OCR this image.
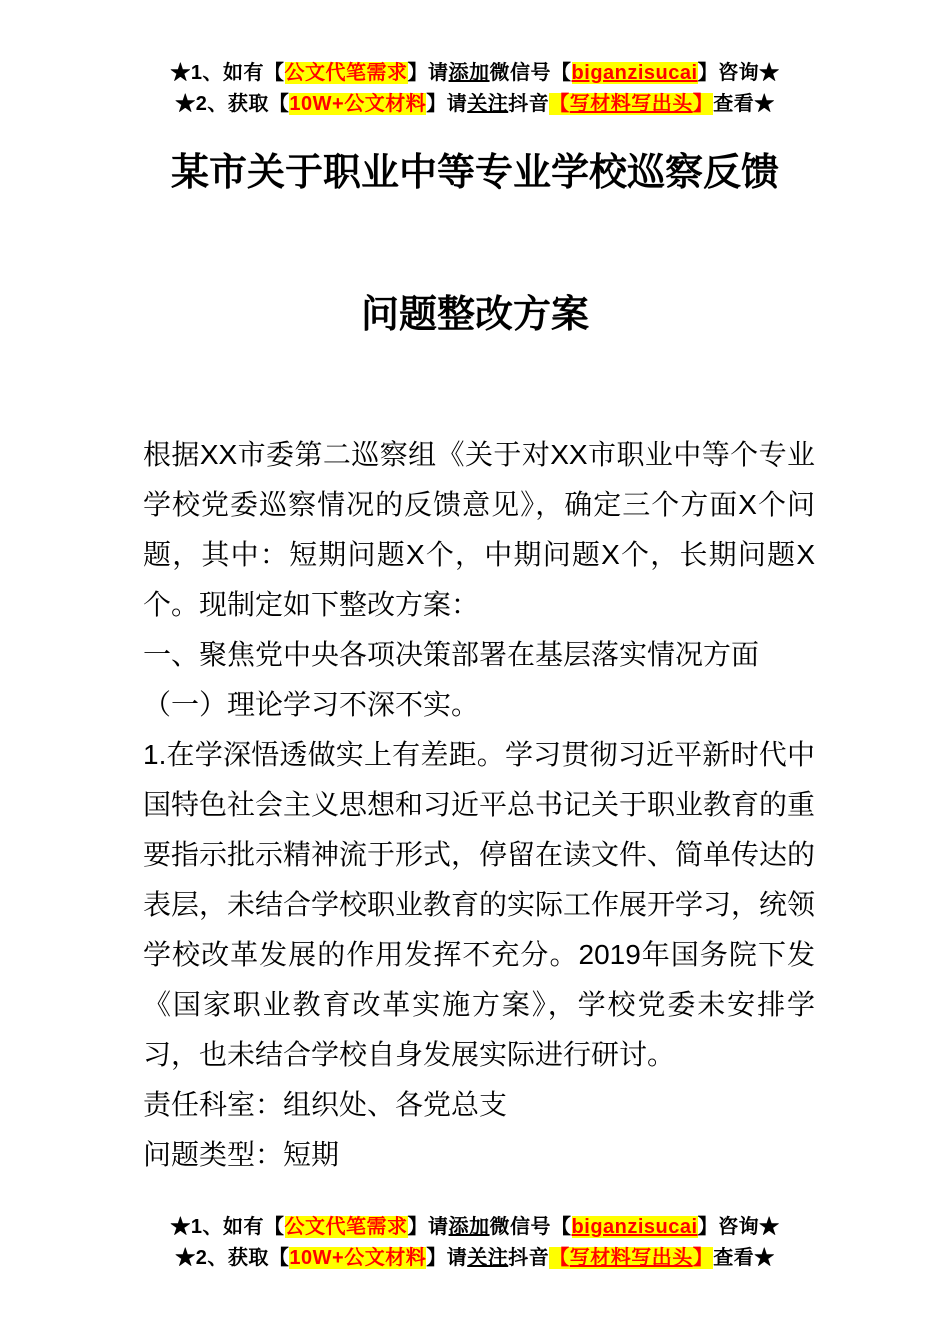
★1、如有【公文代笔需求】请添加微信号【biganzisucai】咨询★
★2、获取【10W+公文材料】请关注抖音【写材料写出头】查看★
某市关于职业中等专业学校巡察反馈
问题整改方案

根据XX市委第二巡察组《关于对XX市职业中等个专业学校党委巡察情况的反馈意见》，确定三个方面X个问题，其中：短期问题X个，中期问题X个，长期问题X个。现制定如下整改方案：

一、聚焦党中央各项决策部署在基层落实情况方面

（一）理论学习不深不实。

1.在学深悟透做实上有差距。学习贯彻习近平新时代中国特色社会主义思想和习近平总书记关于职业教育的重要指示批示精神流于形式，停留在读文件、简单传达的表层，未结合学校职业教育的实际工作展开学习，统领学校改革发展的作用发挥不充分。2019年国务院下发《国家职业教育改革实施方案》，学校党委未安排学习，也未结合学校自身发展实际进行研讨。

责任科室：组织处、各党总支

问题类型：短期

★1、如有【公文代笔需求】请添加微信号【biganzisucai】咨询★
★2、获取【10W+公文材料】请关注抖音【写材料写出头】查看★
